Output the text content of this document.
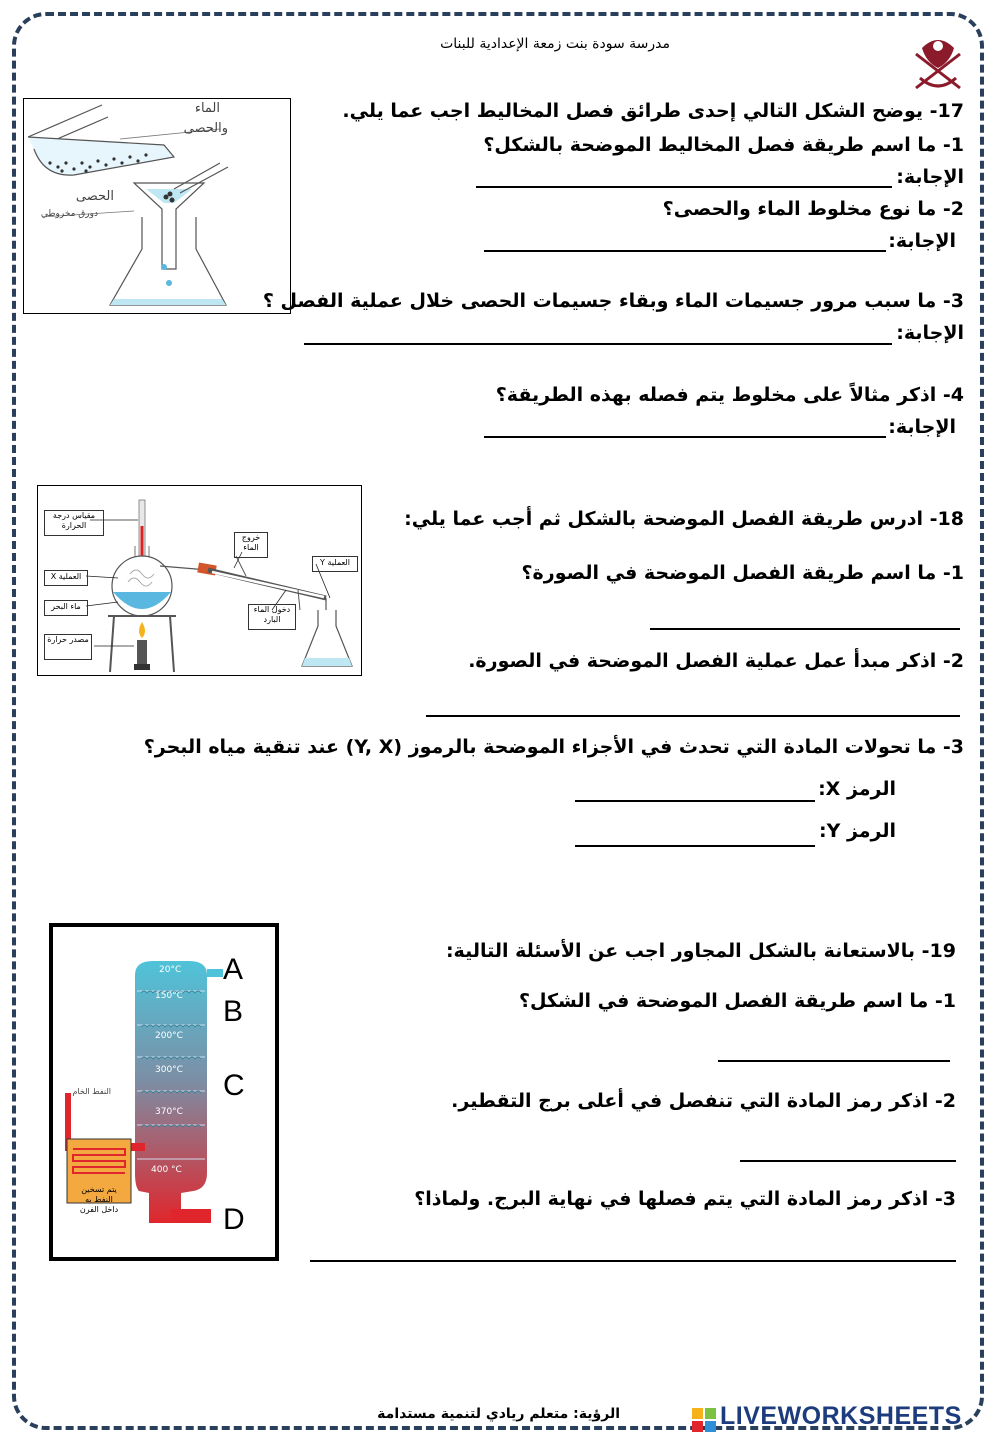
مدرسة سودة بنت زمعة الإعدادية للبنات
الماء
والحصى
الحصى
دورق مخروطي
17- يوضح الشكل التالي إحدى طرائق فصل المخاليط اجب عما يلي.
1- ما اسم طريقة فصل المخاليط الموضحة بالشكل؟
الإجابة:
2- ما نوع مخلوط الماء والحصى؟
الإجابة:
3- ما سبب مرور جسيمات الماء وبقاء جسيمات الحصى خلال عملية الفصل ؟
الإجابة:
4- اذكر مثالاً على مخلوط يتم فصله بهذه الطريقة؟
الإجابة:
مقياس درجة الحرارة
خروج الماء
العملية Y
العملية X
ماء البحر	دخول الماء البارد
مصدر حرارة
18- ادرس طريقة الفصل الموضحة بالشكل ثم أجب عما يلي:
1- ما اسم طريقة الفصل الموضحة في الصورة؟
2- اذكر مبدأ عمل عملية الفصل الموضحة في الصورة.
3- ما تحولات المادة التي تحدث في الأجزاء الموضحة بالرموز (Y, X) عند تنقية مياه البحر؟
الرمز X:
الرمز Y:
20°C
150°C
200°C
300°C
370°C
400 °C
A
B
C
D
النفط الخام
يتم تسخين
النفط به
داخل الفرن
19- بالاستعانة بالشكل المجاور اجب عن الأسئلة التالية:
1- ما اسم طريقة الفصل الموضحة في الشكل؟
2- اذكر رمز المادة التي تنفصل في أعلى برج التقطير.
3- اذكر رمز المادة التي يتم فصلها في نهاية البرج. ولماذا؟
الرؤية: متعلم ريادي لتنمية مستدامة	LIVEWORKSHEETS
